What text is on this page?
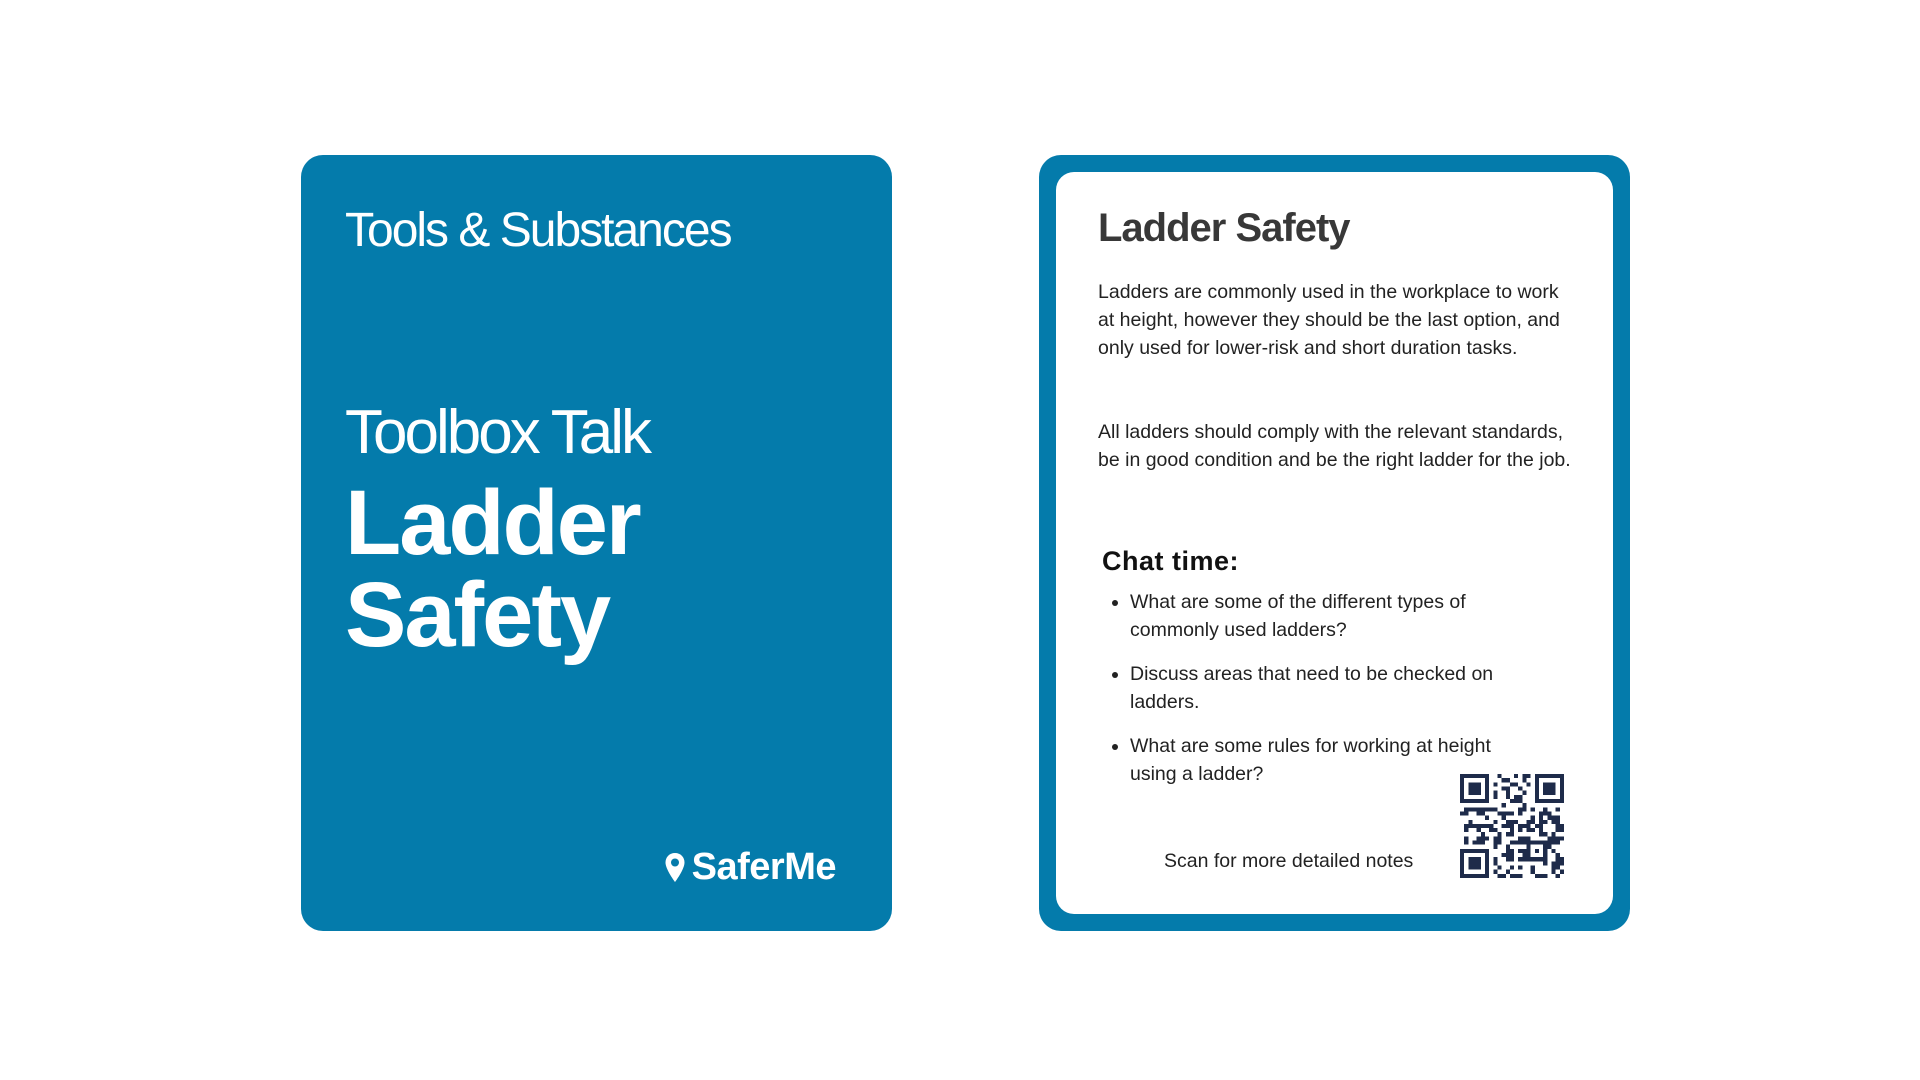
Tools & Substances
Toolbox Talk
Ladder
Safety
SaferMe
Ladder Safety
Ladders are commonly used in the workplace to work at height, however they should be the last option, and only used for lower-risk and short duration tasks.
All ladders should comply with the relevant standards, be in good condition and be the right ladder for the job.
Chat time:
What are some of the different types of commonly used ladders?
Discuss areas that need to be checked on ladders.
What are some rules for working at height using a ladder?
Scan for more detailed notes
